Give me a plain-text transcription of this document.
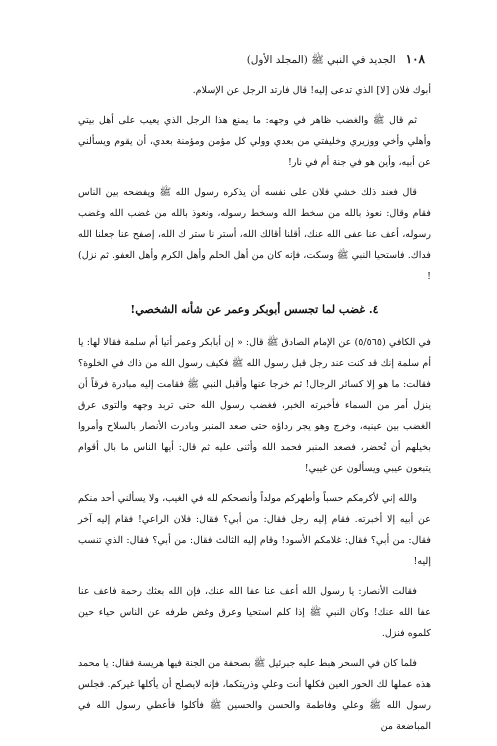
١٠٨
الجديد في النبي ﷺ (المجلد الأول)

أبوك فلان [لا] الذي تدعى إليه! قال فارتد الرجل عن الإسلام.

ثم قال ﷺ والغضب ظاهر في وجهه: ما يمنع هذا الرجل الذي يعيب على أهل بيتي وأهلي وأخي ووزيري وخليفتي من بعدي وولي كل مؤمن ومؤمنة بعدي، أن يقوم ويسألني عن أبيه، وأين هو في جنة أم في نار!

قال فعند ذلك خشي فلان على نفسه أن يذكره رسول الله ﷺ ويفضحه بين الناس فقام وقال: نعوذ بالله من سخط الله وسخط رسوله، ونعوذ بالله من غضب الله وغضب رسوله، أعف عنا عفى الله عنك، أقلنا أقالك الله، أستر نا ستر ك الله، إصفح عنا جعلنا الله فداك. فاستحيا النبي ﷺ وسكت، فإنه كان من أهل الحلم وأهل الكرم وأهل العفو. ثم نزل) !

٤. غضب لما تجسس أبوبكر وعمر عن شأنه الشخصي!

في الكافي (٥/٥٦٥) عن الإمام الصادق ﷺ قال: « إن أبابكر وعمر أتيا أم سلمة فقالا لها: يا أم سلمة إنك قد كنت عند رجل قبل رسول الله ﷺ فكيف رسول الله من ذاك في الخلوة؟ فقالت: ما هو إلا كسائر الرجال! ثم خرجا عنها وأقبل النبي ﷺ فقامت إليه مبادرة فرقاً أن ينزل أمر من السماء فأخبرته الخبر، فغضب رسول الله حتى تربد وجهه والتوى عرق الغضب بين عينيه، وخرج وهو يجر رداؤه حتى صعد المنبر وبادرت الأنصار بالسلاح وأمروا بخيلهم أن تُحضر، فصعد المنبر فحمد الله وأثنى عليه ثم قال: أيها الناس ما بال أقوام يتبعون عيبي ويسألون عن غيبي!

والله إني لأكرمكم حسباً وأطهركم مولداً وأنصحكم لله في الغيب، ولا يسألني أحد منكم عن أبيه إلا أخبرته. فقام إليه رجل فقال: من أبي؟ فقال: فلان الراعي! فقام إليه آخر فقال: من أبي؟ فقال: غلامكم الأسود! وقام إليه الثالث فقال: من أبي؟ فقال: الذي تنسب إليه!

فقالت الأنصار: يا رسول الله أعف عنا عفا الله عنك، فإن الله بعثك رحمة فاعف عنا عفا الله عنك! وكان النبي ﷺ إذا كلم استحيا وعرق وغض طرفه عن الناس حياء حين كلموه فنزل.

فلما كان في السحر هبط عليه جبرئيل ﷺ بصحفة من الجنة فيها هريسة فقال: يا محمد هذه عملها لك الحور العين فكلها أنت وعلي وذريتكما، فإنه لايصلح أن يأكلها غيركم. فجلس رسول الله ﷺ وعلي وفاطمة والحسن والحسين ﷺ فأكلوا فأعطي رسول الله في المباضعة من
